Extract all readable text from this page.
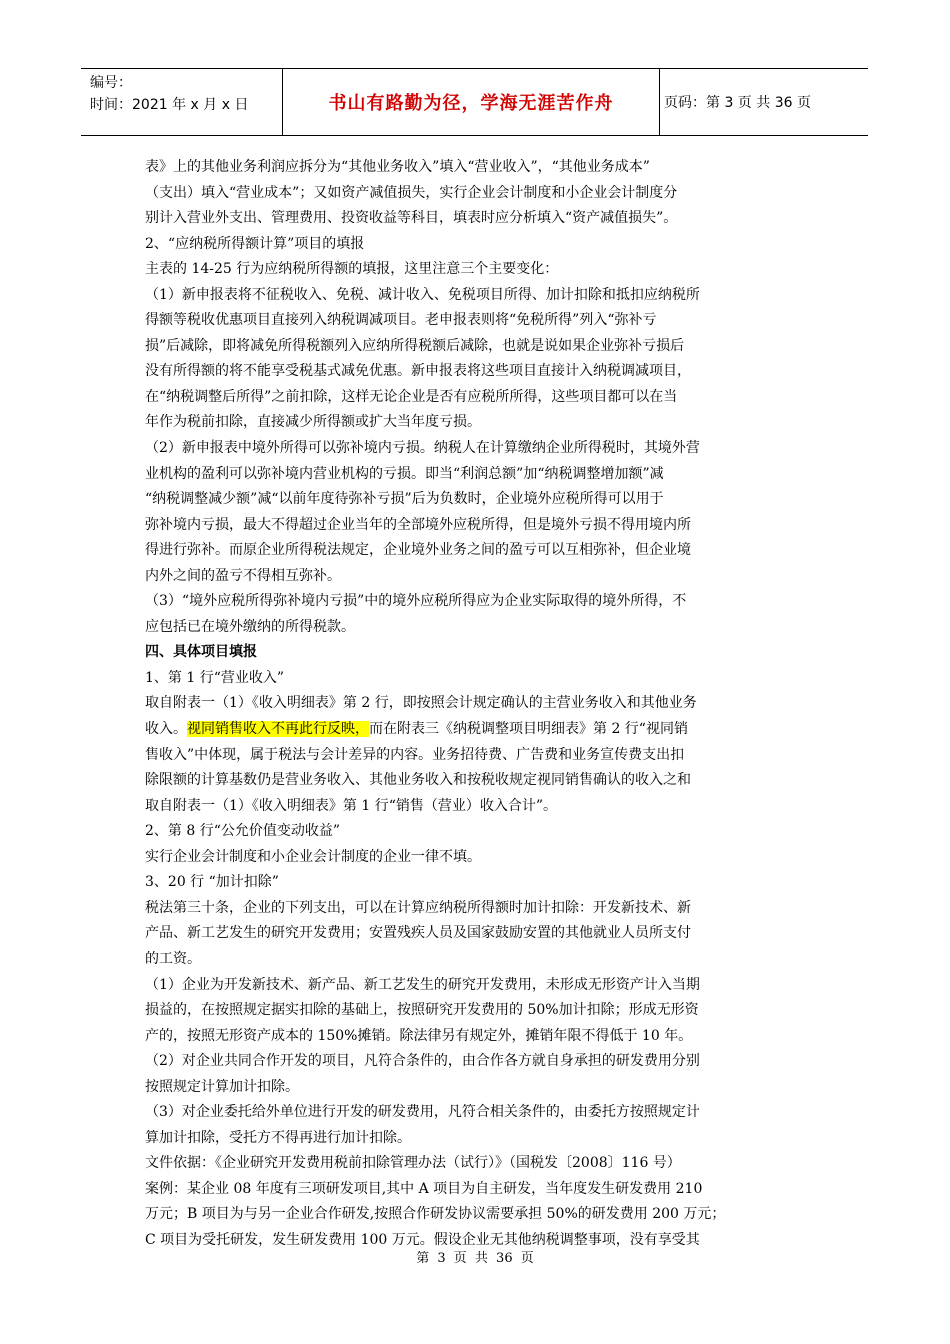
编号：
时间：2021 年 x 月 x 日	书山有路勤为径，学海无涯苦作舟	页码：第 3 页 共 36 页
表》上的其他业务利润应拆分为“其他业务收入”填入“营业收入”，“其他业务成本”
（支出）填入“营业成本”；又如资产减值损失，实行企业会计制度和小企业会计制度分
别计入营业外支出、管理费用、投资收益等科目，填表时应分析填入“资产减值损失”。
2、“应纳税所得额计算”项目的填报
主表的 14-25 行为应纳税所得额的填报，这里注意三个主要变化：
（1）新申报表将不征税收入、免税、减计收入、免税项目所得、加计扣除和抵扣应纳税所
得额等税收优惠项目直接列入纳税调减项目。老申报表则将“免税所得”列入“弥补亏
损”后减除，即将减免所得税额列入应纳所得税额后减除，也就是说如果企业弥补亏损后
没有所得额的将不能享受税基式减免优惠。新申报表将这些项目直接计入纳税调减项目，
在“纳税调整后所得”之前扣除，这样无论企业是否有应税所所得，这些项目都可以在当
年作为税前扣除，直接减少所得额或扩大当年度亏损。
（2）新申报表中境外所得可以弥补境内亏损。纳税人在计算缴纳企业所得税时，其境外营
业机构的盈利可以弥补境内营业机构的亏损。即当“利润总额”加“纳税调整增加额”减
“纳税调整减少额”减“以前年度待弥补亏损”后为负数时，企业境外应税所得可以用于
弥补境内亏损，最大不得超过企业当年的全部境外应税所得，但是境外亏损不得用境内所
得进行弥补。而原企业所得税法规定，企业境外业务之间的盈亏可以互相弥补，但企业境
内外之间的盈亏不得相互弥补。
（3）“境外应税所得弥补境内亏损”中的境外应税所得应为企业实际取得的境外所得，不
应包括已在境外缴纳的所得税款。
四、具体项目填报
1、第 1 行“营业收入”
取自附表一（1）《收入明细表》第 2 行，即按照会计规定确认的主营业务收入和其他业务
收入。视同销售收入不再此行反映，而在附表三《纳税调整项目明细表》第 2 行“视同销
售收入”中体现，属于税法与会计差异的内容。业务招待费、广告费和业务宣传费支出扣
除限额的计算基数仍是营业务收入、其他业务收入和按税收规定视同销售确认的收入之和
取自附表一（1）《收入明细表》第 1 行“销售（营业）收入合计”。
2、第 8 行“公允价值变动收益”
实行企业会计制度和小企业会计制度的企业一律不填。
3、20 行 “加计扣除”
税法第三十条，企业的下列支出，可以在计算应纳税所得额时加计扣除：开发新技术、新
产品、新工艺发生的研究开发费用；安置残疾人员及国家鼓励安置的其他就业人员所支付
的工资。
（1）企业为开发新技术、新产品、新工艺发生的研究开发费用，未形成无形资产计入当期
损益的，在按照规定据实扣除的基础上，按照研究开发费用的 50%加计扣除；形成无形资
产的，按照无形资产成本的 150%摊销。除法律另有规定外，摊销年限不得低于 10 年。
（2）对企业共同合作开发的项目，凡符合条件的，由合作各方就自身承担的研发费用分别
按照规定计算加计扣除。
（3）对企业委托给外单位进行开发的研发费用，凡符合相关条件的，由委托方按照规定计
算加计扣除，受托方不得再进行加计扣除。
文件依据：《企业研究开发费用税前扣除管理办法（试行）》（国税发〔2008〕116 号）
案例：某企业 08 年度有三项研发项目,其中 A 项目为自主研发，当年度发生研发费用 210
万元；B 项目为与另一企业合作研发,按照合作研发协议需要承担 50%的研发费用 200 万元；
C 项目为受托研发，发生研发费用 100 万元。假设企业无其他纳税调整事项，没有享受其
第 3 页 共 36 页
